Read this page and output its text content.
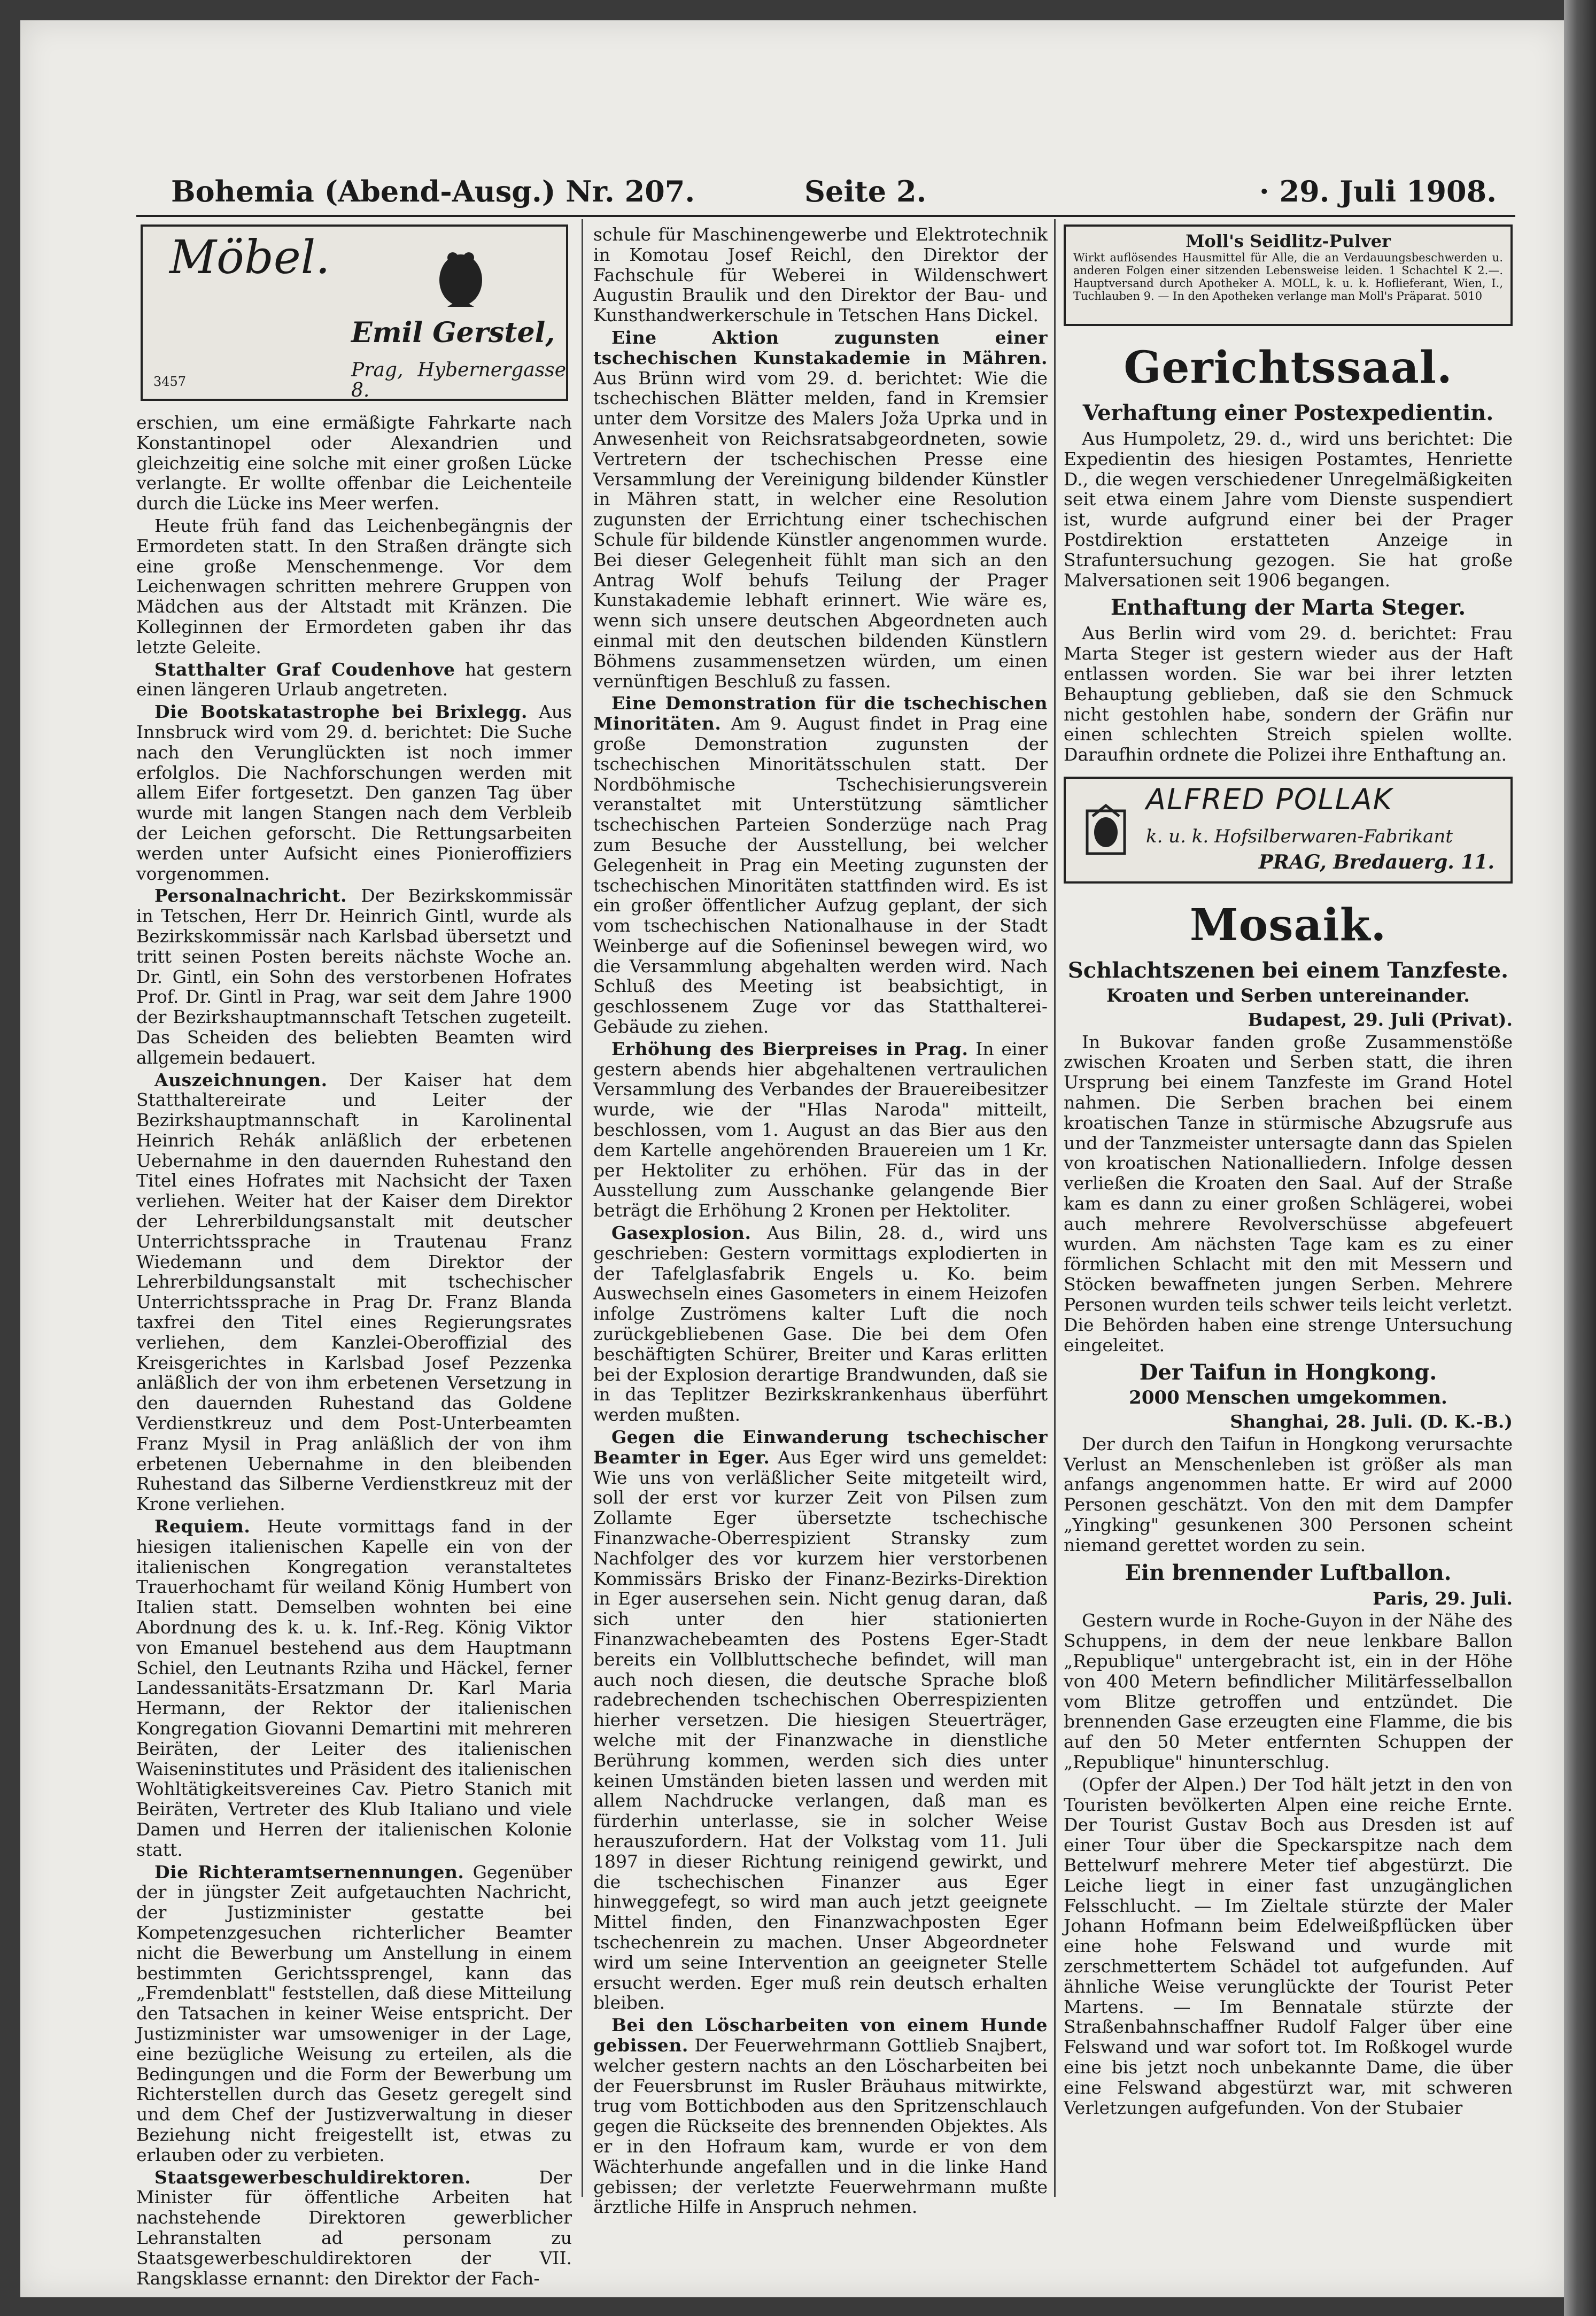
Bohemia (Abend-Ausg.) Nr. 207.	Seite 2.	· 29. Juli 1908.
Möbel.
Emil Gerstel,
Prag, Hybernergasse 8.
3457

erschien, um eine ermäßigte Fahrkarte nach Konstantinopel oder Alexandrien und gleichzeitig eine solche mit einer großen Lücke verlangte. Er wollte offenbar die Leichenteile durch die Lücke ins Meer werfen.

Heute früh fand das Leichenbegängnis der Ermordeten statt. In den Straßen drängte sich eine große Menschenmenge. Vor dem Leichenwagen schritten mehrere Gruppen von Mädchen aus der Altstadt mit Kränzen. Die Kolleginnen der Ermordeten gaben ihr das letzte Geleite.

Statthalter Graf Coudenhove hat gestern einen längeren Urlaub angetreten.

Die Bootskatastrophe bei Brixlegg. Aus Innsbruck wird vom 29. d. berichtet: Die Suche nach den Verunglückten ist noch immer erfolglos. Die Nachforschungen werden mit allem Eifer fortgesetzt. Den ganzen Tag über wurde mit langen Stangen nach dem Verbleib der Leichen geforscht. Die Rettungsarbeiten werden unter Aufsicht eines Pionieroffiziers vorgenommen.

Personalnachricht. Der Bezirkskommissär in Tetschen, Herr Dr. Heinrich Gintl, wurde als Bezirkskommissär nach Karlsbad übersetzt und tritt seinen Posten bereits nächste Woche an. Dr. Gintl, ein Sohn des verstorbenen Hofrates Prof. Dr. Gintl in Prag, war seit dem Jahre 1900 der Bezirkshauptmannschaft Tetschen zugeteilt. Das Scheiden des beliebten Beamten wird allgemein bedauert.

Auszeichnungen. Der Kaiser hat dem Statthaltereirate und Leiter der Bezirkshauptmannschaft in Karolinental Heinrich Rehák anläßlich der erbetenen Uebernahme in den dauernden Ruhestand den Titel eines Hofrates mit Nachsicht der Taxen verliehen. Weiter hat der Kaiser dem Direktor der Lehrerbildungsanstalt mit deutscher Unterrichtssprache in Trautenau Franz Wiedemann und dem Direktor der Lehrerbildungsanstalt mit tschechischer Unterrichtssprache in Prag Dr. Franz Blanda taxfrei den Titel eines Regierungsrates verliehen, dem Kanzlei-Oberoffizial des Kreisgerichtes in Karlsbad Josef Pezzenka anläßlich der von ihm erbetenen Versetzung in den dauernden Ruhestand das Goldene Verdienstkreuz und dem Post-Unterbeamten Franz Mysil in Prag anläßlich der von ihm erbetenen Uebernahme in den bleibenden Ruhestand das Silberne Verdienstkreuz mit der Krone verliehen.

Requiem. Heute vormittags fand in der hiesigen italienischen Kapelle ein von der italienischen Kongregation veranstaltetes Trauerhochamt für weiland König Humbert von Italien statt. Demselben wohnten bei eine Abordnung des k. u. k. Inf.-Reg. König Viktor von Emanuel bestehend aus dem Hauptmann Schiel, den Leutnants Rziha und Häckel, ferner Landessanitäts-Ersatzmann Dr. Karl Maria Hermann, der Rektor der italienischen Kongregation Giovanni Demartini mit mehreren Beiräten, der Leiter des italienischen Waiseninstitutes und Präsident des italienischen Wohltätigkeitsvereines Cav. Pietro Stanich mit Beiräten, Vertreter des Klub Italiano und viele Damen und Herren der italienischen Kolonie statt.

Die Richteramtsernennungen. Gegenüber der in jüngster Zeit aufgetauchten Nachricht, der Justizminister gestatte bei Kompetenzgesuchen richterlicher Beamter nicht die Bewerbung um Anstellung in einem bestimmten Gerichtssprengel, kann das „Fremdenblatt" feststellen, daß diese Mitteilung den Tatsachen in keiner Weise entspricht. Der Justizminister war umsoweniger in der Lage, eine bezügliche Weisung zu erteilen, als die Bedingungen und die Form der Bewerbung um Richterstellen durch das Gesetz geregelt sind und dem Chef der Justizverwaltung in dieser Beziehung nicht freigestellt ist, etwas zu erlauben oder zu verbieten.

Staatsgewerbeschuldirektoren.	Der Minister für öffentliche Arbeiten hat nachstehende Direktoren gewerblicher Lehranstalten ad personam zu Staatsgewerbeschuldirektoren der VII. Rangsklasse ernannt: den Direktor der Fach-

schule für Maschinengewerbe und Elektrotechnik in Komotau Josef Reichl, den Direktor der Fachschule für Weberei in Wildenschwert Augustin Braulik und den Direktor der Bau- und Kunsthandwerkerschule in Tetschen Hans Dickel.

Eine Aktion zugunsten einer tschechischen Kunstakademie in Mähren. Aus Brünn wird vom 29. d. berichtet: Wie die tschechischen Blätter melden, fand in Kremsier unter dem Vorsitze des Malers Joža Uprka und in Anwesenheit von Reichsratsabgeordneten, sowie Vertretern der tschechischen Presse eine Versammlung der Vereinigung bildender Künstler in Mähren statt, in welcher eine Resolution zugunsten der Errichtung einer tschechischen Schule für bildende Künstler angenommen wurde. Bei dieser Gelegenheit fühlt man sich an den Antrag Wolf behufs Teilung der Prager Kunstakademie lebhaft erinnert. Wie wäre es, wenn sich unsere deutschen Abgeordneten auch einmal mit den deutschen bildenden Künstlern Böhmens zusammensetzen würden, um einen vernünftigen Beschluß zu fassen.

Eine Demonstration für die tschechischen Minoritäten. Am 9. August findet in Prag eine große Demonstration zugunsten der tschechischen Minoritätsschulen statt. Der Nordböhmische Tschechisierungsverein veranstaltet mit Unterstützung sämtlicher tschechischen Parteien Sonderzüge nach Prag zum Besuche der Ausstellung, bei welcher Gelegenheit in Prag ein Meeting zugunsten der tschechischen Minoritäten stattfinden wird. Es ist ein großer öffentlicher Aufzug geplant, der sich vom tschechischen Nationalhause in der Stadt Weinberge auf die Sofieninsel bewegen wird, wo die Versammlung abgehalten werden wird. Nach Schluß des Meeting ist beabsichtigt, in geschlossenem Zuge vor das Statthalterei-Gebäude zu ziehen.

Erhöhung des Bierpreises in Prag. In einer gestern abends hier abgehaltenen vertraulichen Versammlung des Verbandes der Brauereibesitzer wurde, wie der "Hlas Naroda" mitteilt, beschlossen, vom 1. August an das Bier aus den dem Kartelle angehörenden Brauereien um 1 Kr. per Hektoliter zu erhöhen. Für das in der Ausstellung zum Ausschanke gelangende Bier beträgt die Erhöhung 2 Kronen per Hektoliter.

Gasexplosion. Aus Bilin, 28. d., wird uns geschrieben: Gestern vormittags explodierten in der Tafelglasfabrik Engels u. Ko. beim Auswechseln eines Gasometers in einem Heizofen infolge Zuströmens kalter Luft die noch zurückgebliebenen Gase. Die bei dem Ofen beschäftigten Schürer, Breiter und Karas erlitten bei der Explosion derartige Brandwunden, daß sie in das Teplitzer Bezirkskrankenhaus überführt werden mußten.

Gegen die Einwanderung tschechischer Beamter in Eger. Aus Eger wird uns gemeldet: Wie uns von verläßlicher Seite mitgeteilt wird, soll der erst vor kurzer Zeit von Pilsen zum Zollamte Eger übersetzte tschechische Finanzwache-Oberrespizient Stransky zum Nachfolger des vor kurzem hier verstorbenen Kommissärs Brisko der Finanz-Bezirks-Direktion in Eger ausersehen sein. Nicht genug daran, daß sich unter den hier stationierten Finanzwachebeamten des Postens Eger-Stadt bereits ein Vollbluttscheche befindet, will man auch noch diesen, die deutsche Sprache bloß radebrechenden tschechischen Oberrespizienten hierher versetzen. Die hiesigen Steuerträger, welche mit der Finanzwache in dienstliche Berührung kommen, werden sich dies unter keinen Umständen bieten lassen und werden mit allem Nachdrucke verlangen, daß man es fürderhin unterlasse, sie in solcher Weise herauszufordern. Hat der Volkstag vom 11. Juli 1897 in dieser Richtung reinigend gewirkt, und die tschechischen Finanzer aus Eger hinweggefegt, so wird man auch jetzt geeignete Mittel finden, den Finanzwachposten Eger tschechenrein zu machen. Unser Abgeordneter wird um seine Intervention an geeigneter Stelle ersucht werden. Eger muß rein deutsch erhalten bleiben.

Bei den Löscharbeiten von einem Hunde gebissen. Der Feuerwehrmann Gottlieb Snajbert, welcher gestern nachts an den Löscharbeiten bei der Feuersbrunst im Rusler Bräuhaus mitwirkte, trug vom Bottichboden aus den Spritzenschlauch gegen die Rückseite des brennenden Objektes. Als er in den Hofraum kam, wurde er von dem Wächterhunde angefallen und in die linke Hand gebissen; der verletzte Feuerwehrmann mußte ärztliche Hilfe in Anspruch nehmen.

Moll's Seidlitz-Pulver
Wirkt auflösendes Hausmittel für Alle, die an Verdauungsbeschwerden u. anderen Folgen einer sitzenden Lebensweise leiden. 1 Schachtel K 2.—. Hauptversand durch Apotheker A. MOLL, k. u. k. Hoflieferant, Wien, I., Tuchlauben 9. — In den Apotheken verlange man Moll's Präparat. 5010
Gerichtssaal.
Verhaftung einer Postexpedientin.

Aus Humpoletz, 29. d., wird uns berichtet: Die Expedientin des hiesigen Postamtes, Henriette D., die wegen verschiedener Unregelmäßigkeiten seit etwa einem Jahre vom Dienste suspendiert ist, wurde aufgrund einer bei der Prager Postdirektion erstatteten Anzeige in Strafuntersuchung gezogen. Sie hat große Malversationen seit 1906 begangen.

Enthaftung der Marta Steger.

Aus Berlin wird vom 29. d. berichtet: Frau Marta Steger ist gestern wieder aus der Haft entlassen worden. Sie war bei ihrer letzten Behauptung geblieben, daß sie den Schmuck nicht gestohlen habe, sondern der Gräfin nur einen schlechten Streich spielen wollte. Daraufhin ordnete die Polizei ihre Enthaftung an.

ALFRED POLLAK
k. u. k. Hofsilberwaren-Fabrikant
PRAG, Bredauerg. 11.
Mosaik.
Schlachtszenen bei einem Tanzfeste.
Kroaten und Serben untereinander.
Budapest, 29. Juli (Privat).

In Bukovar fanden große Zusammenstöße zwischen Kroaten und Serben statt, die ihren Ursprung bei einem Tanzfeste im Grand Hotel nahmen. Die Serben brachen bei einem kroatischen Tanze in stürmische Abzugsrufe aus und der Tanzmeister untersagte dann das Spielen von kroatischen Nationalliedern. Infolge dessen verließen die Kroaten den Saal. Auf der Straße kam es dann zu einer großen Schlägerei, wobei auch mehrere Revolverschüsse abgefeuert wurden. Am nächsten Tage kam es zu einer förmlichen Schlacht mit den mit Messern und Stöcken bewaffneten jungen Serben. Mehrere Personen wurden teils schwer teils leicht verletzt. Die Behörden haben eine strenge Untersuchung eingeleitet.

Der Taifun in Hongkong.
2000 Menschen umgekommen.
Shanghai, 28. Juli. (D. K.-B.)

Der durch den Taifun in Hongkong verursachte Verlust an Menschenleben ist größer als man anfangs angenommen hatte. Er wird auf 2000 Personen geschätzt. Von den mit dem Dampfer „Yingking" gesunkenen 300 Personen scheint niemand gerettet worden zu sein.

Ein brennender Luftballon.
Paris, 29. Juli.

Gestern wurde in Roche-Guyon in der Nähe des Schuppens, in dem der neue lenkbare Ballon „Republique" untergebracht ist, ein in der Höhe von 400 Metern befindlicher Militärfesselballon vom Blitze getroffen und entzündet. Die brennenden Gase erzeugten eine Flamme, die bis auf den 50 Meter entfernten Schuppen der „Republique" hinunterschlug.

(Opfer der Alpen.) Der Tod hält jetzt in den von Touristen bevölkerten Alpen eine reiche Ernte. Der Tourist Gustav Boch aus Dresden ist auf einer Tour über die Speckarspitze nach dem Bettelwurf mehrere Meter tief abgestürzt. Die Leiche liegt in einer fast unzugänglichen Felsschlucht. — Im Zieltale stürzte der Maler Johann Hofmann beim Edelweißpflücken über eine hohe Felswand und wurde mit zerschmettertem Schädel tot aufgefunden. Auf ähnliche Weise verunglückte der Tourist Peter Martens. — Im Bennatale stürzte der Straßenbahnschaffner Rudolf Falger über eine Felswand und war sofort tot. Im Roßkogel wurde eine bis jetzt noch unbekannte Dame, die über eine Felswand abgestürzt war, mit schweren Verletzungen aufgefunden. Von der Stubaier
